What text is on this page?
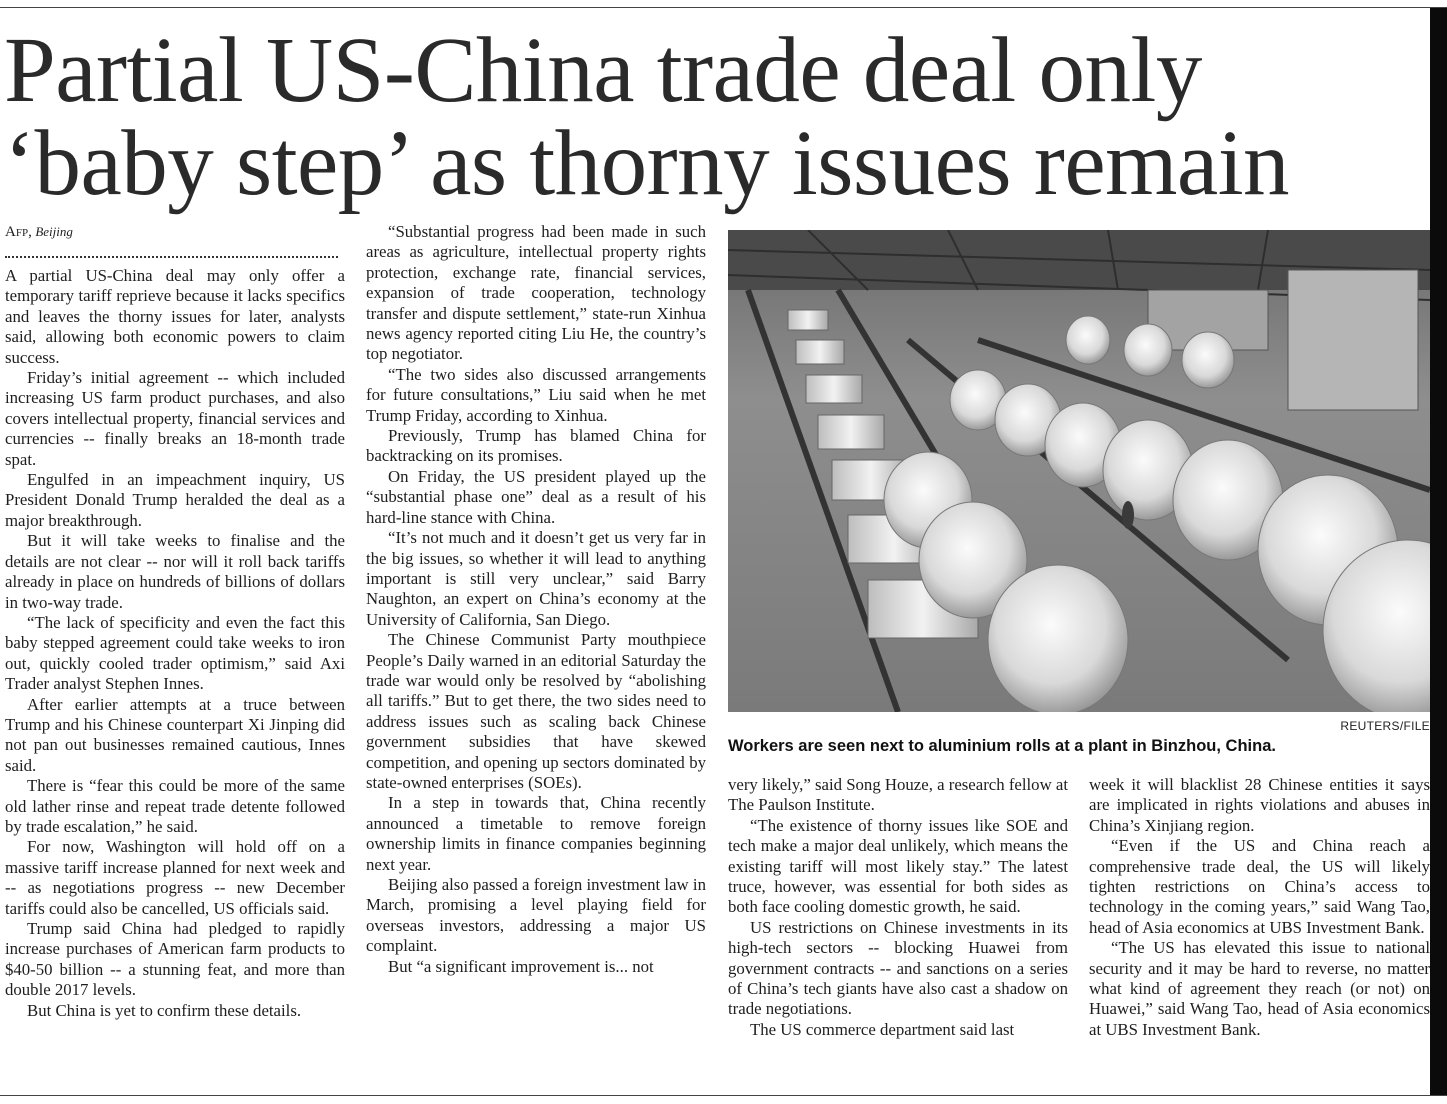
Partial US-China trade deal only
‘baby step’ as thorny issues remain
Afp, Beijing

A partial US-China deal may only offer a temporary tariff reprieve because it lacks specifics and leaves the thorny issues for later, analysts said, allowing both economic powers to claim success.

Friday’s initial agreement -- which included increasing US farm product purchases, and also covers intellectual property, financial services and currencies -- finally breaks an 18-month trade spat.

Engulfed in an impeachment inquiry, US President Donald Trump heralded the deal as a major breakthrough.

But it will take weeks to finalise and the details are not clear -- nor will it roll back tariffs already in place on hundreds of billions of dollars in two-way trade.

“The lack of specificity and even the fact this baby stepped agreement could take weeks to iron out, quickly cooled trader optimism,” said Axi Trader analyst Stephen Innes.

After earlier attempts at a truce between Trump and his Chinese counterpart Xi Jinping did not pan out businesses remained cautious, Innes said.

There is “fear this could be more of the same old lather rinse and repeat trade detente followed by trade escalation,” he said.

For now, Washington will hold off on a massive tariff increase planned for next week and -- as negotiations progress -- new December tariffs could also be cancelled, US officials said.

Trump said China had pledged to rapidly increase purchases of American farm products to $40-50 billion -- a stunning feat, and more than double 2017 levels.

But China is yet to confirm these details.

“Substantial progress had been made in such areas as agriculture, intellectual property rights protection, exchange rate, financial services, expansion of trade cooperation, technology transfer and dispute settlement,” state-run Xinhua news agency reported citing Liu He, the country’s top negotiator.

“The two sides also discussed arrangements for future consultations,” Liu said when he met Trump Friday, according to Xinhua.

Previously, Trump has blamed China for backtracking on its promises.

On Friday, the US president played up the “substantial phase one” deal as a result of his hard-line stance with China.

“It’s not much and it doesn’t get us very far in the big issues, so whether it will lead to anything important is still very unclear,” said Barry Naughton, an expert on China’s economy at the University of California, San Diego.

The Chinese Communist Party mouthpiece People’s Daily warned in an editorial Saturday the trade war would only be resolved by “abolishing all tariffs.” But to get there, the two sides need to address issues such as scaling back Chinese government subsidies that have skewed competition, and opening up sectors dominated by state-owned enterprises (SOEs).

In a step in towards that, China recently announced a timetable to remove foreign ownership limits in finance companies beginning next year.

Beijing also passed a foreign investment law in March, promising a level playing field for overseas investors, addressing a major US complaint.

But “a significant improvement is... not

REUTERS/FILE
Workers are seen next to aluminium rolls at a plant in Binzhou, China.

very likely,” said Song Houze, a research fellow at The Paulson Institute.

“The existence of thorny issues like SOE and tech make a major deal unlikely, which means the existing tariff will most likely stay.” The latest truce, however, was essential for both sides as both face cooling domestic growth, he said.

US restrictions on Chinese investments in its high-tech sectors -- blocking Huawei from government contracts -- and sanctions on a series of China’s tech giants have also cast a shadow on trade negotiations.

The US commerce department said last

week it will blacklist 28 Chinese entities it says are implicated in rights violations and abuses in China’s Xinjiang region.

“Even if the US and China reach a comprehensive trade deal, the US will likely tighten restrictions on China’s access to technology in the coming years,” said Wang Tao, head of Asia economics at UBS Investment Bank.

“The US has elevated this issue to national security and it may be hard to reverse, no matter what kind of agreement they reach (or not) on Huawei,” said Wang Tao, head of Asia economics at UBS Investment Bank.
